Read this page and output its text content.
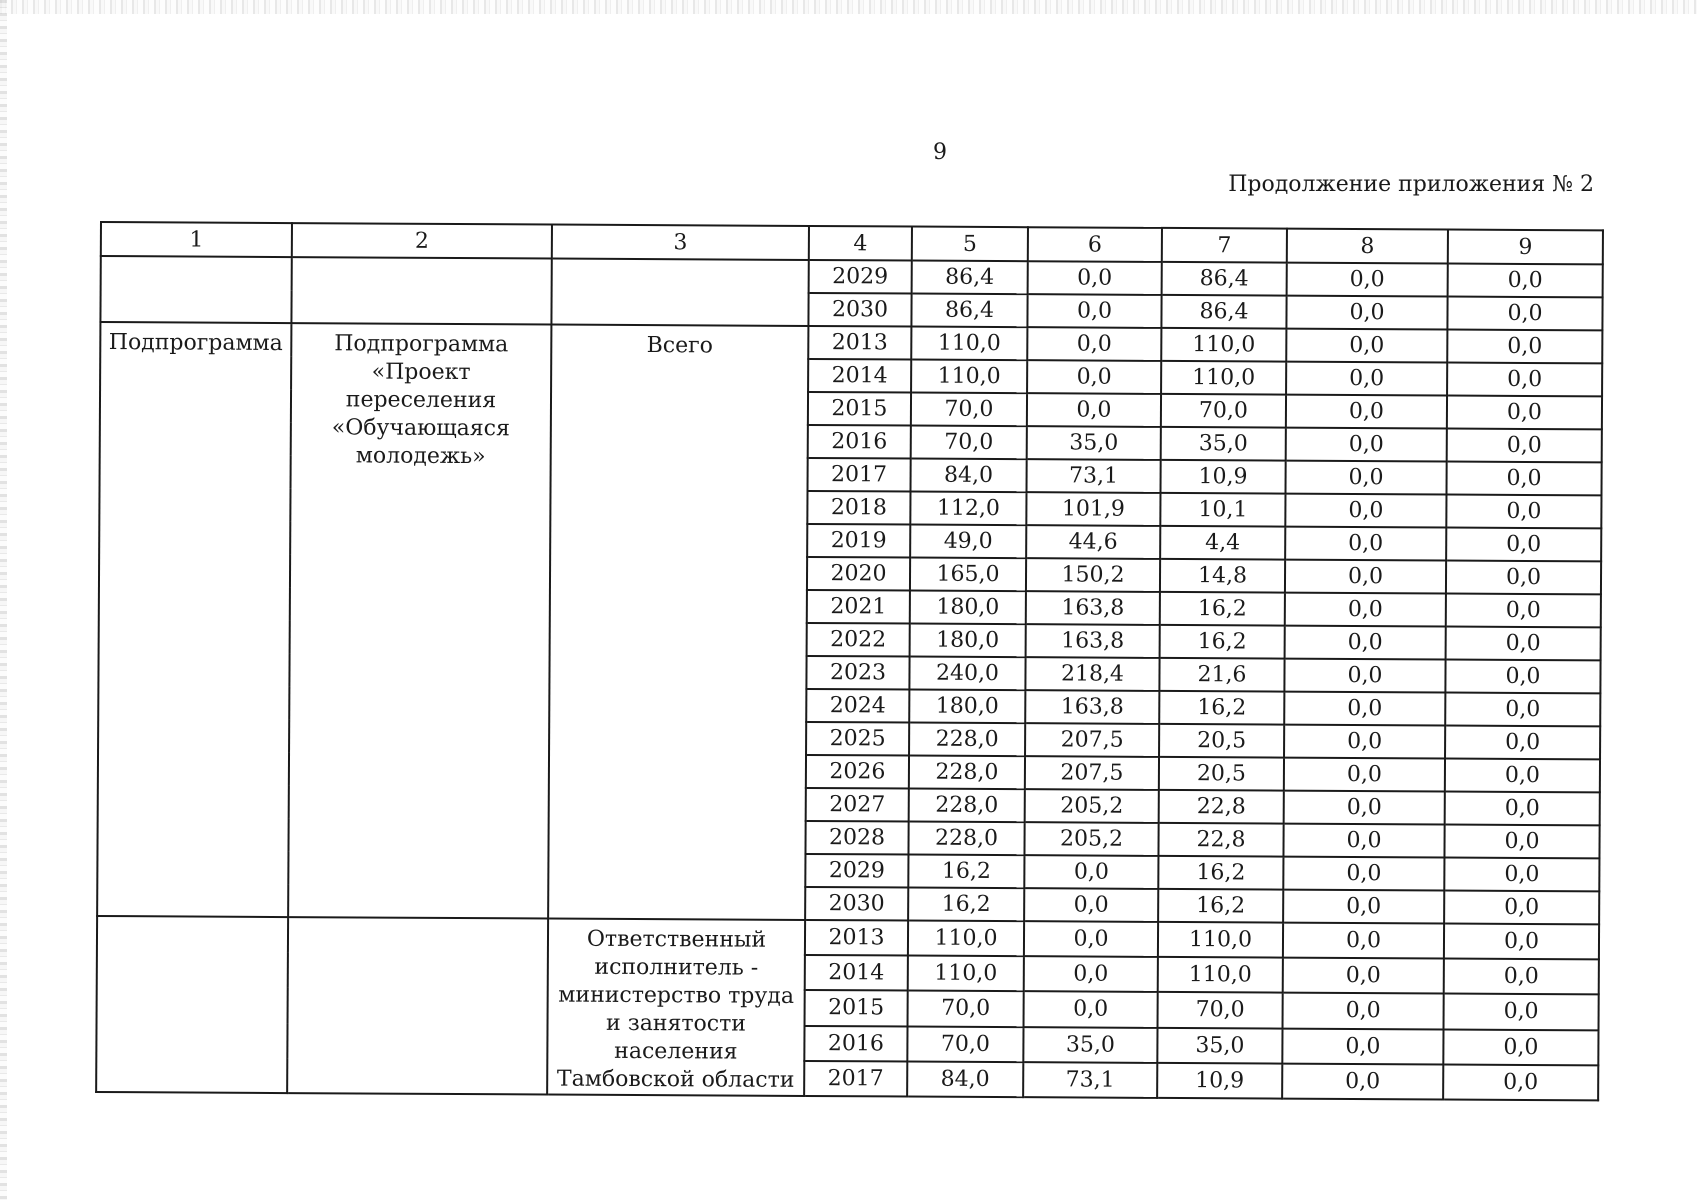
9
Продолжение приложения № 2
1	2	3	4	5	6	7	8	9
			2029	86,4	0,0	86,4	0,0	0,0
			2030	86,4	0,0	86,4	0,0	0,0
Подпрограмма	Подпрограмма «Проект переселения «Обучающаяся молодежь»	Всего	2013	110,0	0,0	110,0	0,0	0,0
			2014	110,0	0,0	110,0	0,0	0,0
			2015	70,0	0,0	70,0	0,0	0,0
			2016	70,0	35,0	35,0	0,0	0,0
			2017	84,0	73,1	10,9	0,0	0,0
			2018	112,0	101,9	10,1	0,0	0,0
			2019	49,0	44,6	4,4	0,0	0,0
			2020	165,0	150,2	14,8	0,0	0,0
			2021	180,0	163,8	16,2	0,0	0,0
			2022	180,0	163,8	16,2	0,0	0,0
			2023	240,0	218,4	21,6	0,0	0,0
			2024	180,0	163,8	16,2	0,0	0,0
			2025	228,0	207,5	20,5	0,0	0,0
			2026	228,0	207,5	20,5	0,0	0,0
			2027	228,0	205,2	22,8	0,0	0,0
			2028	228,0	205,2	22,8	0,0	0,0
			2029	16,2	0,0	16,2	0,0	0,0
			2030	16,2	0,0	16,2	0,0	0,0
		Ответственный исполнитель - министерство труда и занятости населения Тамбовской области	2013	110,0	0,0	110,0	0,0	0,0
			2014	110,0	0,0	110,0	0,0	0,0
			2015	70,0	0,0	70,0	0,0	0,0
			2016	70,0	35,0	35,0	0,0	0,0
			2017	84,0	73,1	10,9	0,0	0,0
